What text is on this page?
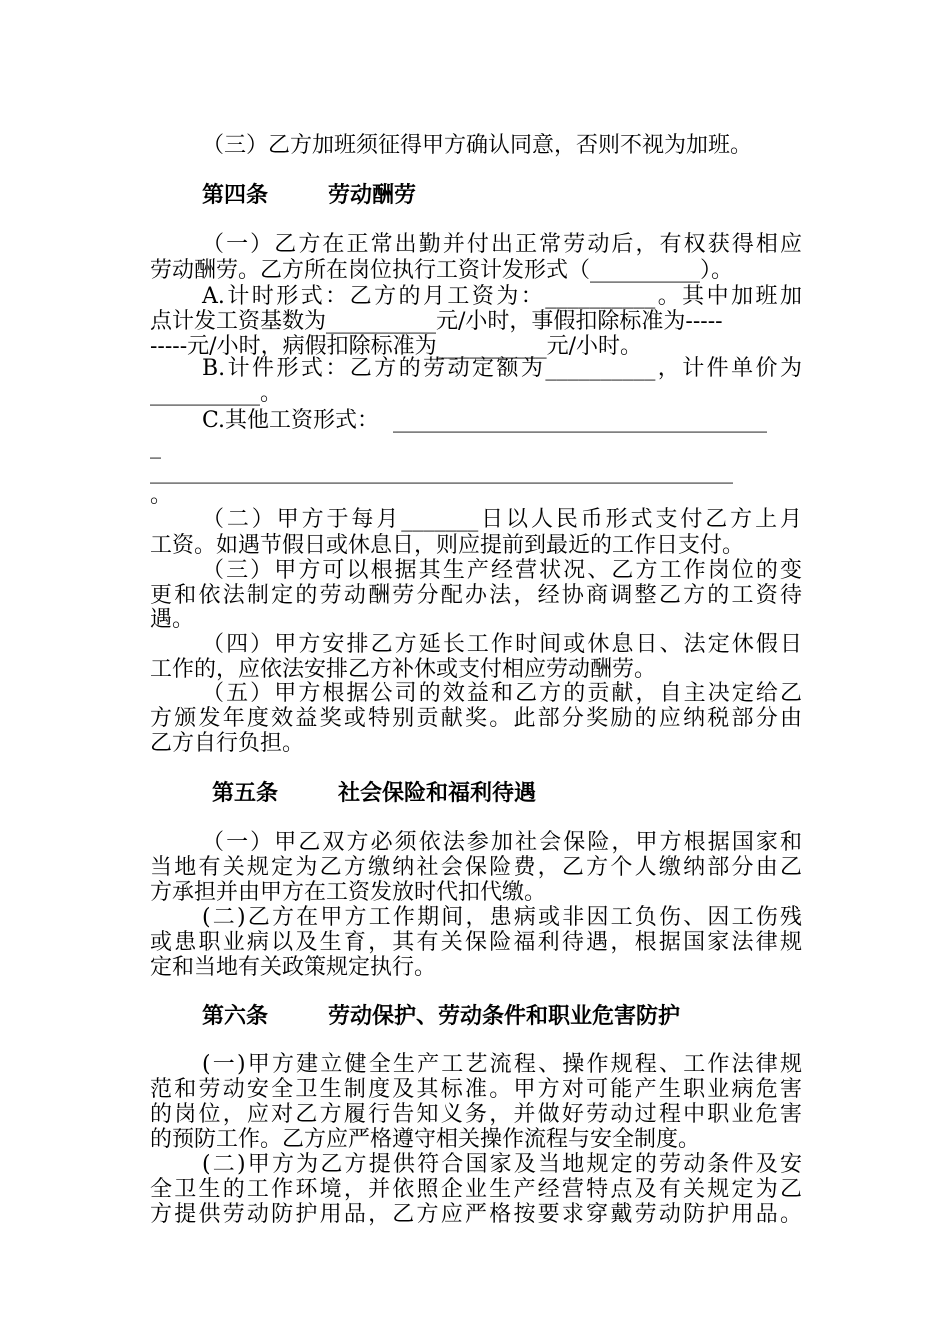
（三）乙方加班须征得甲方确认同意，否则不视为加班。
第四条	劳动酬劳
（一）乙方在正常出勤并付出正常劳动后，有权获得相应
劳动酬劳。乙方所在岗位执行工资计发形式（__________）。
A.计时形式：乙方的月工资为：__________。其中加班加
点计发工资基数为__________元/小时，事假扣除标准为-----
-----元/小时，病假扣除标准为__________元/小时。
B.计件形式：乙方的劳动定额为__________，计件单价为
__________。
C.其他工资形式：  __________________________________
_
_____________________________________________________
。
（二）甲方于每月_______日以人民币形式支付乙方上月
工资。如遇节假日或休息日，则应提前到最近的工作日支付。
（三）甲方可以根据其生产经营状况、乙方工作岗位的变
更和依法制定的劳动酬劳分配办法，经协商调整乙方的工资待
遇。
（四）甲方安排乙方延长工作时间或休息日、法定休假日
工作的，应依法安排乙方补休或支付相应劳动酬劳。
（五）甲方根据公司的效益和乙方的贡献，自主决定给乙
方颁发年度效益奖或特别贡献奖。此部分奖励的应纳税部分由
乙方自行负担。
第五条	社会保险和福利待遇
（一）甲乙双方必须依法参加社会保险，甲方根据国家和
当地有关规定为乙方缴纳社会保险费，乙方个人缴纳部分由乙
方承担并由甲方在工资发放时代扣代缴。
(二)乙方在甲方工作期间，患病或非因工负伤、因工伤残
或患职业病以及生育，其有关保险福利待遇，根据国家法律规
定和当地有关政策规定执行。
第六条	劳动保护、劳动条件和职业危害防护
(一)甲方建立健全生产工艺流程、操作规程、工作法律规
范和劳动安全卫生制度及其标准。甲方对可能产生职业病危害
的岗位，应对乙方履行告知义务，并做好劳动过程中职业危害
的预防工作。乙方应严格遵守相关操作流程与安全制度。
(二)甲方为乙方提供符合国家及当地规定的劳动条件及安
全卫生的工作环境，并依照企业生产经营特点及有关规定为乙
方提供劳动防护用品，乙方应严格按要求穿戴劳动防护用品。
